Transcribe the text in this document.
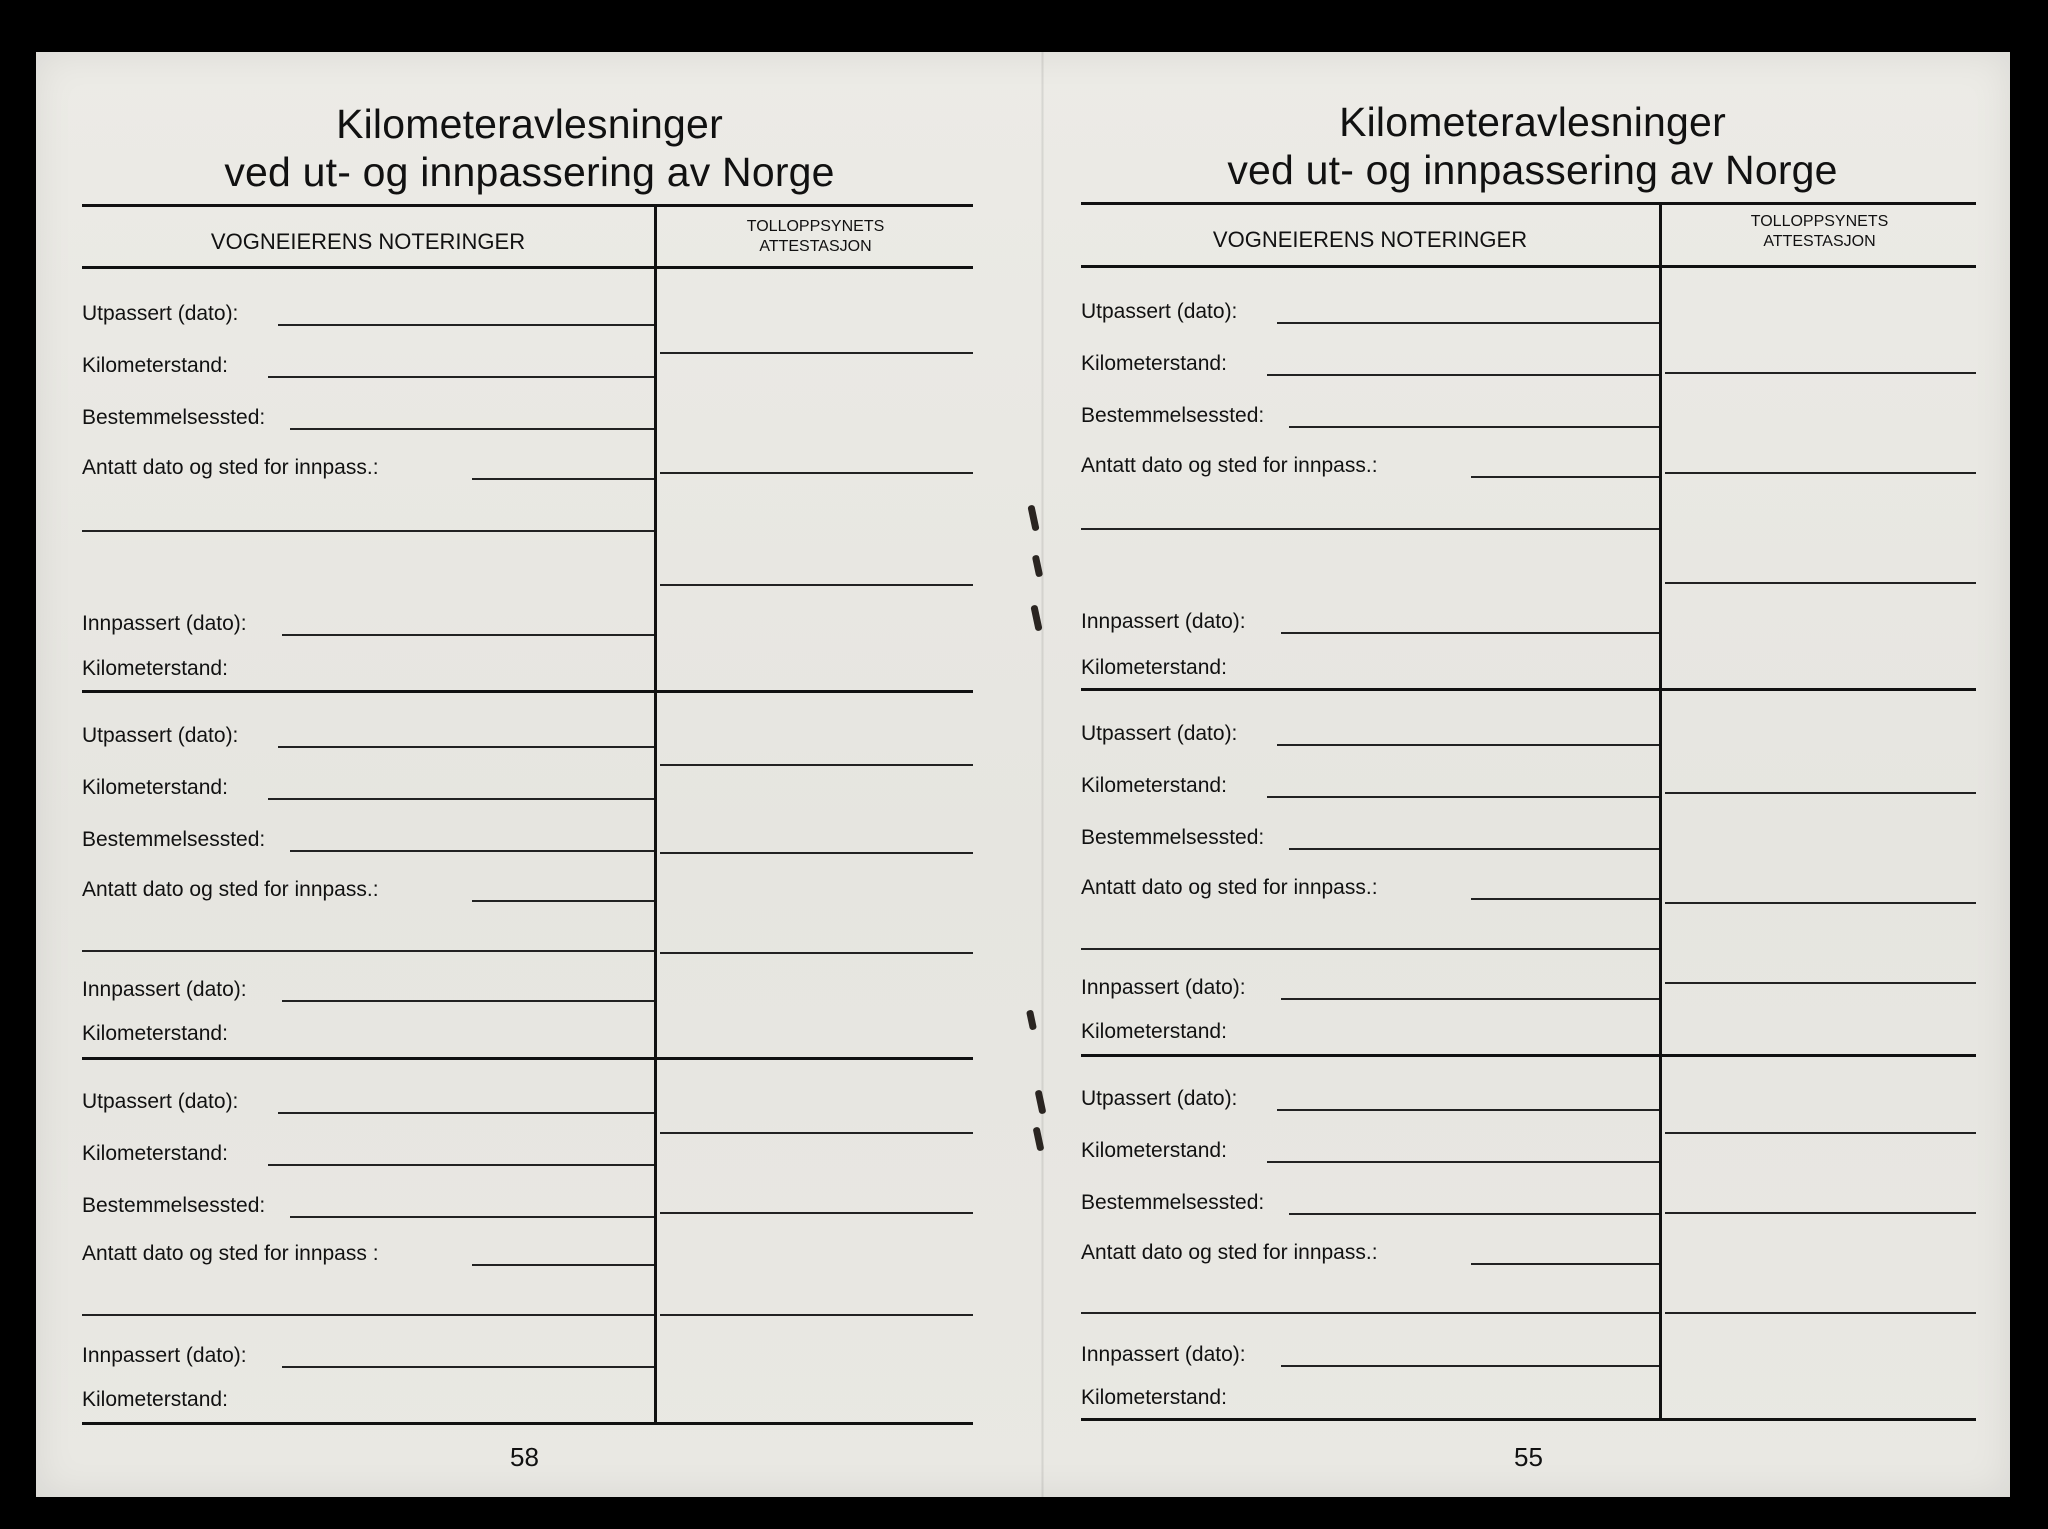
Kilometeravlesninger
ved ut- og innpassering av Norge
VOGNEIERENS NOTERINGER
TOLLOPPSYNETS
ATTESTASJON
Utpassert (dato):
Kilometerstand:
Bestemmelsessted:
Antatt dato og sted for innpass.:
Innpassert (dato):
Kilometerstand:
Utpassert (dato):
Kilometerstand:
Bestemmelsessted:
Antatt dato og sted for innpass.:
Innpassert (dato):
Kilometerstand:
Utpassert (dato):
Kilometerstand:
Bestemmelsessted:
Antatt dato og sted for innpass :
Innpassert (dato):
Kilometerstand:
58
Kilometeravlesninger
ved ut- og innpassering av Norge
VOGNEIERENS NOTERINGER
TOLLOPPSYNETS
ATTESTASJON
Utpassert (dato):
Kilometerstand:
Bestemmelsessted:
Antatt dato og sted for innpass.:
Innpassert (dato):
Kilometerstand:
Utpassert (dato):
Kilometerstand:
Bestemmelsessted:
Antatt dato og sted for innpass.:
Innpassert (dato):
Kilometerstand:
Utpassert (dato):
Kilometerstand:
Bestemmelsessted:
Antatt dato og sted for innpass.:
Innpassert (dato):
Kilometerstand:
55
